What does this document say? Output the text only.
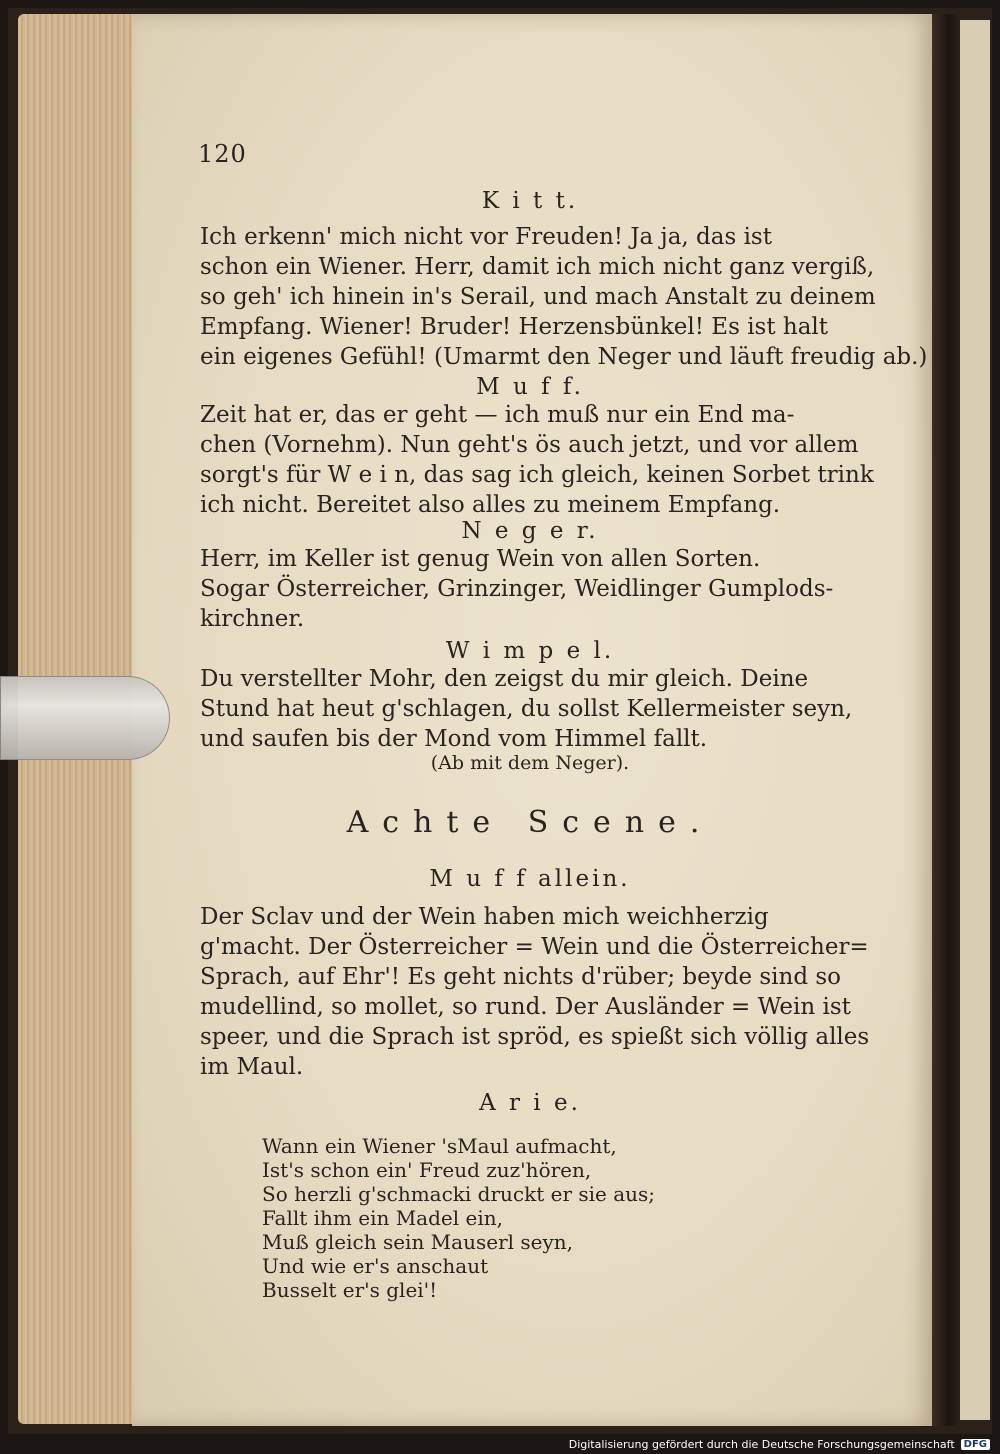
120
K i t t.
Ich erkenn' mich nicht vor Freuden! Ja ja, das ist
schon ein Wiener. Herr, damit ich mich nicht ganz vergiß,
so geh' ich hinein in's Serail, und mach Anstalt zu deinem
Empfang. Wiener! Bruder! Herzensbünkel! Es ist halt
ein eigenes Gefühl! (Umarmt den Neger und läuft freudig ab.)
M u f f.
Zeit hat er, das er geht — ich muß nur ein End ma-
chen (Vornehm). Nun geht's ös auch jetzt, und vor allem
sorgt's für W e i n, das sag ich gleich, keinen Sorbet trink
ich nicht. Bereitet also alles zu meinem Empfang.
N e g e r.
Herr, im Keller ist genug Wein von allen Sorten.
Sogar Österreicher, Grinzinger, Weidlinger Gumplods-
kirchner.
W i m p e l.
Du verstellter Mohr, den zeigst du mir gleich. Deine
Stund hat heut g'schlagen, du sollst Kellermeister seyn,
und saufen bis der Mond vom Himmel fallt.
(Ab mit dem Neger).
Achte Scene.
M u f f allein.
Der Sclav und der Wein haben mich weichherzig
g'macht. Der Österreicher = Wein und die Österreicher=
Sprach, auf Ehr'! Es geht nichts d'rüber; beyde sind so
mudellind, so mollet, so rund. Der Ausländer = Wein ist
speer, und die Sprach ist spröd, es spießt sich völlig alles
im Maul.
A r i e.
Wann ein Wiener 'sMaul aufmacht,
Ist's schon ein' Freud zuz'hören,
So herzli g'schmacki druckt er sie aus;
Fallt ihm ein Madel ein,
Muß gleich sein Mauserl seyn,
Und wie er's anschaut
Busselt er's glei'!
Digitalisierung gefördert durch die Deutsche Forschungsgemeinschaft DFG
